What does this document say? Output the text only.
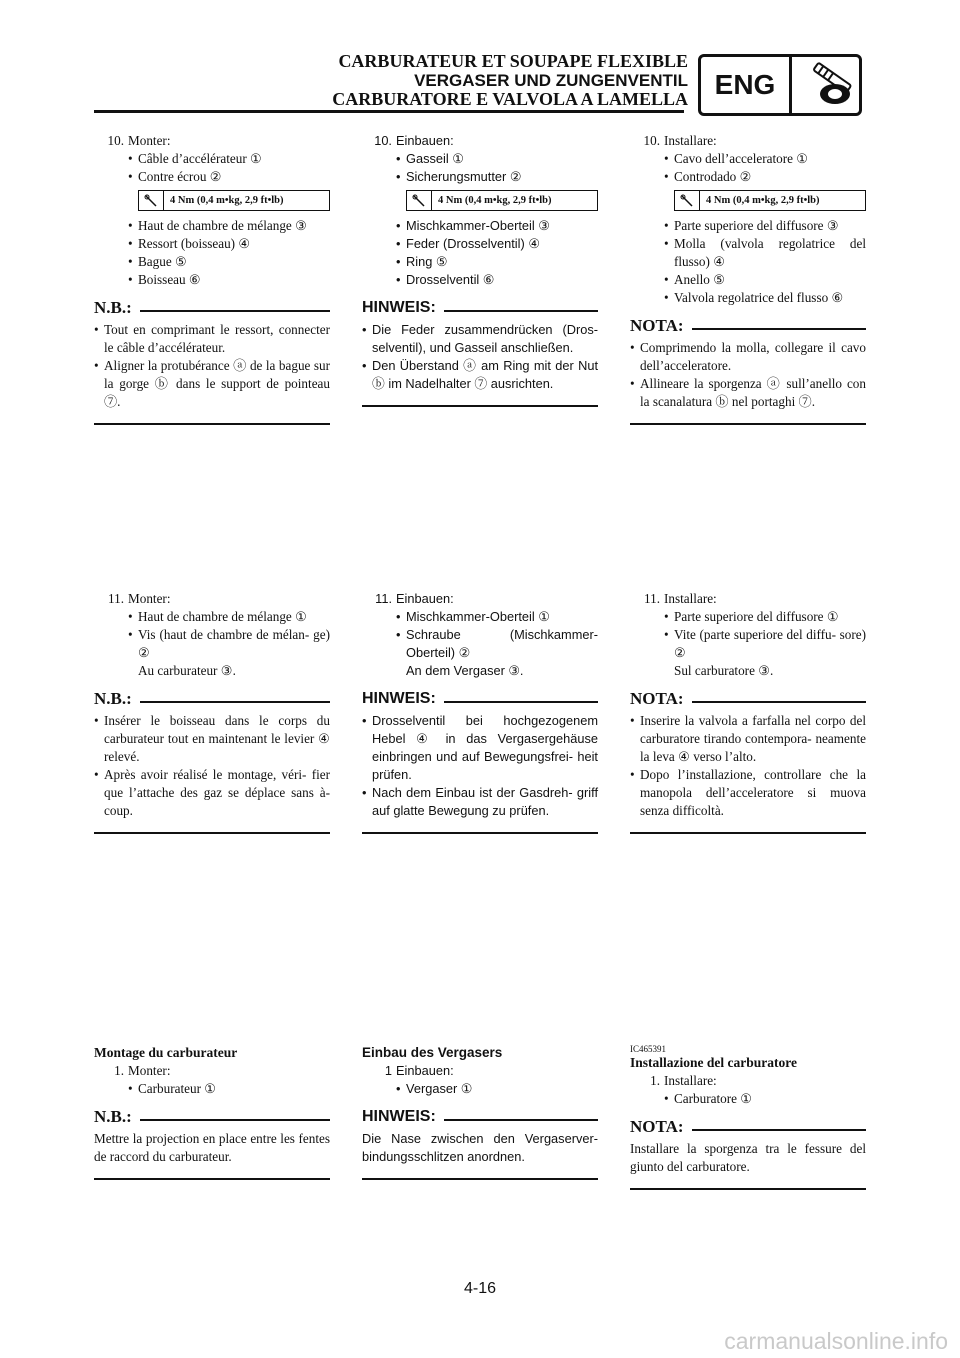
CARBURATEUR ET SOUPAPE FLEXIBLE
VERGASER UND ZUNGENVENTIL
CARBURATORE E VALVOLA A LAMELLA ENG
10. Monter:
• Câble d’accélérateur ①
• Contre écrou ②
4 Nm (0,4 m•kg, 2,9 ft•lb)
• Haut de chambre de mélange ③
• Ressort (boisseau) ④
• Bague ⑤
• Boisseau ⑥
N.B.:
• Tout en comprimant le ressort, connecter le câble d’accélérateur.
• Aligner la protubérance ⓐ de la bague sur la gorge ⓑ dans le support de pointeau ⑦.
11. Monter:
• Haut de chambre de mélange ①
• Vis (haut de chambre de mélan- ge) ②
Au carburateur ③.
N.B.:
• Insérer le boisseau dans le corps du carburateur tout en maintenant le levier ④ relevé.
• Après avoir réalisé le montage, véri- fier que l’attache des gaz se déplace sans à-coup.
Montage du carburateur
1. Monter:
• Carburateur ①
N.B.:
Mettre la projection en place entre les fentes de raccord du carburateur.
10. Einbauen:
• Gasseil ①
• Sicherungsmutter ②
4 Nm (0,4 m•kg, 2,9 ft•lb)
• Mischkammer-Oberteil ③
• Feder (Drosselventil) ④
• Ring ⑤
• Drosselventil ⑥
HINWEIS:
• Die Feder zusammendrücken (Dros- selventil), und Gasseil anschließen.
• Den Überstand ⓐ am Ring mit der Nut ⓑ im Nadelhalter ⑦ ausrichten.
11. Einbauen:
• Mischkammer-Oberteil ①
• Schraube (Mischkammer- Oberteil) ②
An dem Vergaser ③.
HINWEIS:
• Drosselventil bei hochgezogenem Hebel ④ in das Vergasergehäuse einbringen und auf Bewegungsfrei- heit prüfen.
• Nach dem Einbau ist der Gasdreh- griff auf glatte Bewegung zu prüfen.
Einbau des Vergasers
1 Einbauen:
• Vergaser ①
HINWEIS:
Die Nase zwischen den Vergaserver- bindungsschlitzen anordnen.
10. Installare:
• Cavo dell’acceleratore ①
• Controdado ②
4 Nm (0,4 m•kg, 2,9 ft•lb)
• Parte superiore del diffusore ③
• Molla (valvola regolatrice del flusso) ④
• Anello ⑤
• Valvola regolatrice del flusso ⑥
NOTA:
• Comprimendo la molla, collegare il cavo dell’acceleratore.
• Allineare la sporgenza ⓐ sull’anello con la scanalatura ⓑ nel portaghi ⑦.
11. Installare:
• Parte superiore del diffusore ①
• Vite (parte superiore del diffu- sore) ②
Sul carburatore ③.
NOTA:
• Inserire la valvola a farfalla nel corpo del carburatore tirando contempora- neamente la leva ④ verso l’alto.
• Dopo l’installazione, controllare che la manopola dell’acceleratore si muova senza difficoltà.
IC465391
Installazione del carburatore
1. Installare:
• Carburatore ①
NOTA:
Installare la sporgenza tra le fessure del giunto del carburatore.
4-16
carmanualsonline.info
